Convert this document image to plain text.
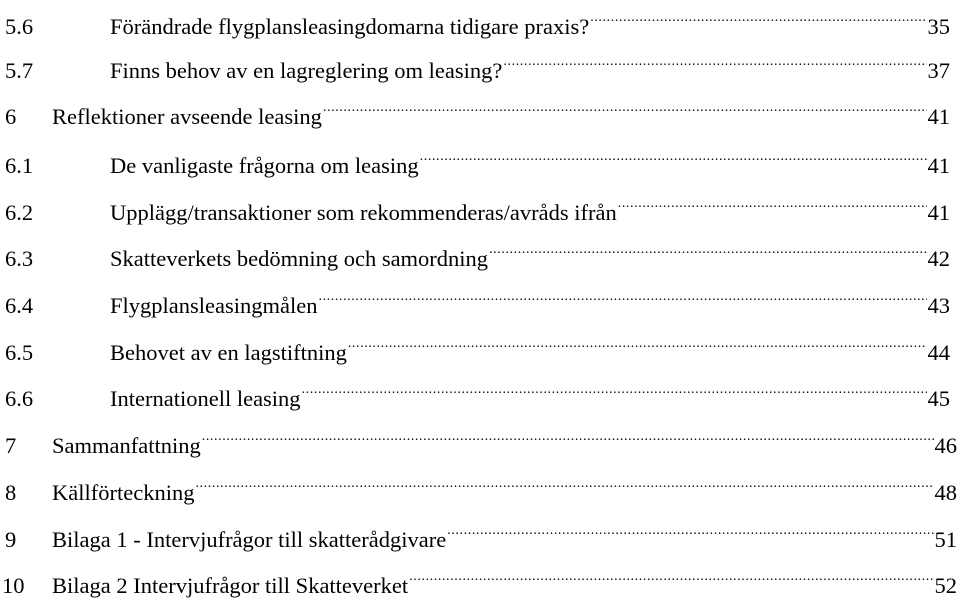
5.6	Förändrade flygplansleasingdomarna tidigare praxis? .....	35
5.7	Finns behov av en lagreglering om leasing? .....	37
6	Reflektioner avseende leasing .....	41
6.1	De vanligaste frågorna om leasing .....	41
6.2	Upplägg/transaktioner som rekommenderas/avråds ifrån .....	41
6.3	Skatteverkets bedömning och samordning .....	42
6.4	Flygplansleasingmålen .....	43
6.5	Behovet av en lagstiftning .....	44
6.6	Internationell leasing .....	45
7	Sammanfattning .....	46
8	Källförteckning .....	48
9	Bilaga 1 - Intervjufrågor till skatterådgivare .....	51
10	Bilaga 2 Intervjufrågor till Skatteverket .....	52
